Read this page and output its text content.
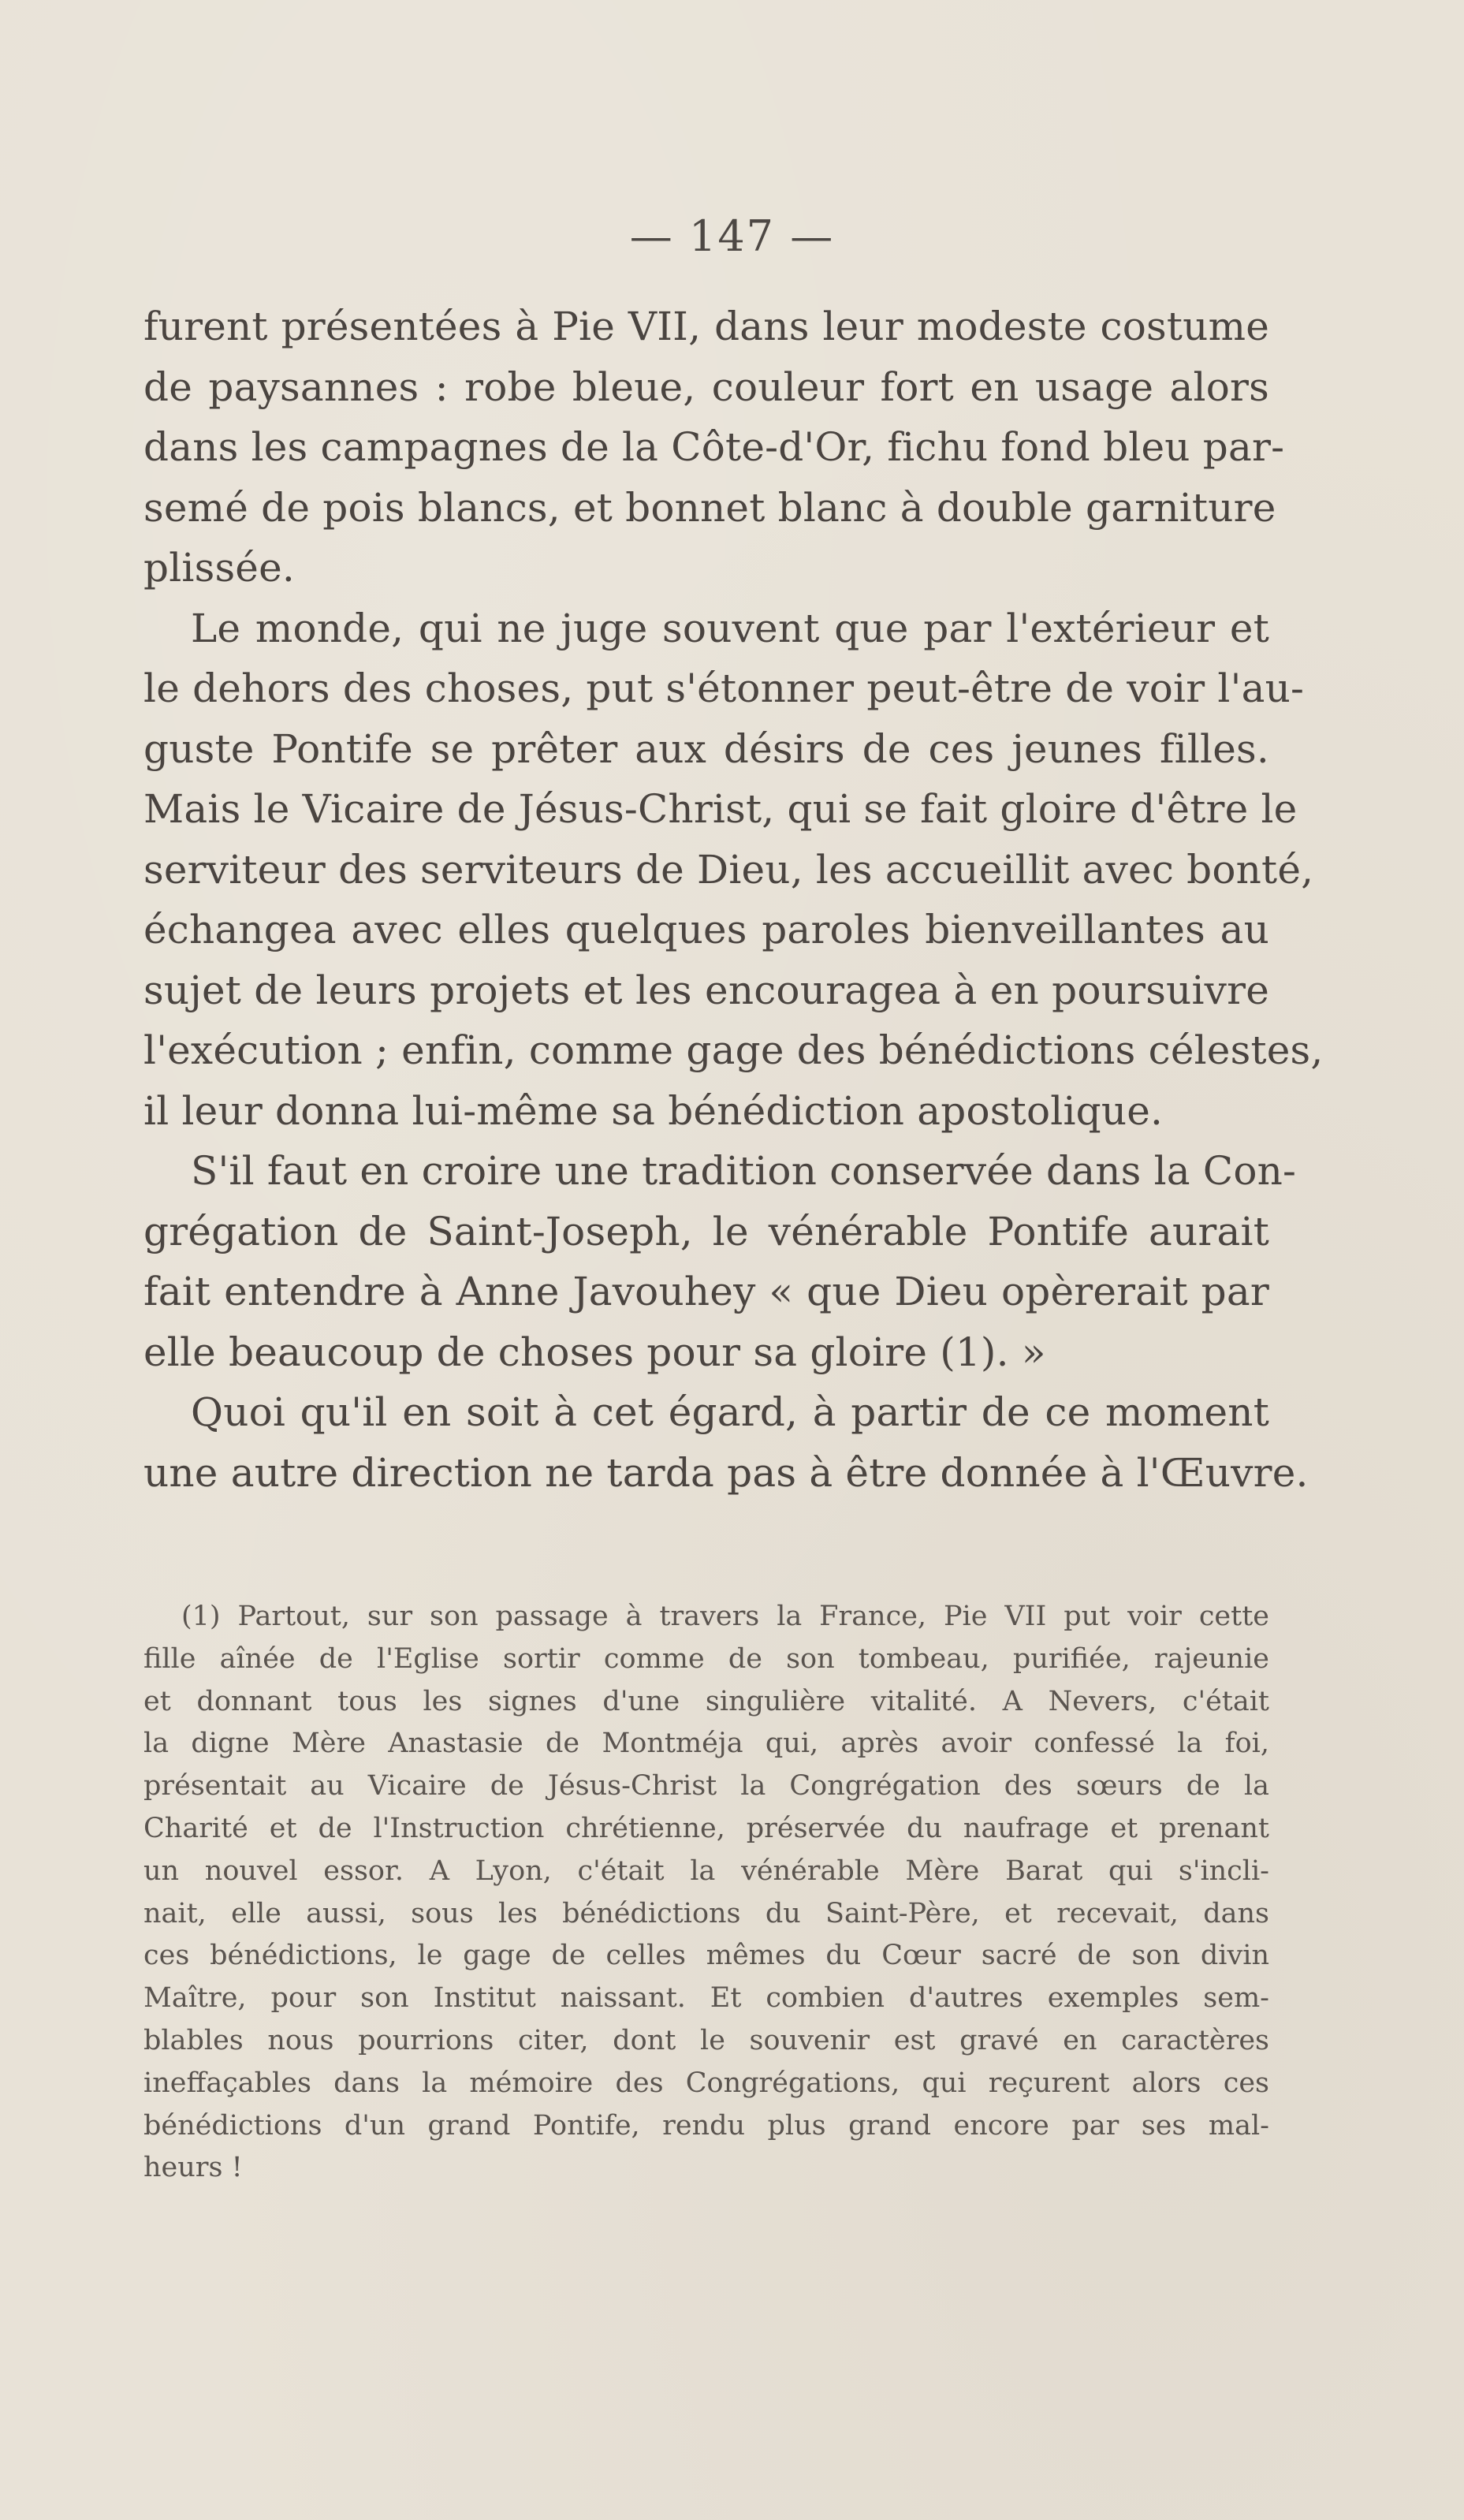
— 147 —
furent présentées à Pie VII, dans leur modeste costume
de paysannes : robe bleue, couleur fort en usage alors
dans les campagnes de la Côte-d'Or, fichu fond bleu par-
semé de pois blancs, et bonnet blanc à double garniture
plissée.
Le monde, qui ne juge souvent que par l'extérieur et
le dehors des choses, put s'étonner peut-être de voir l'au-
guste Pontife se prêter aux désirs de ces jeunes filles.
Mais le Vicaire de Jésus-Christ, qui se fait gloire d'être le
serviteur des serviteurs de Dieu, les accueillit avec bonté,
échangea avec elles quelques paroles bienveillantes au
sujet de leurs projets et les encouragea à en poursuivre
l'exécution ; enfin, comme gage des bénédictions célestes,
il leur donna lui-même sa bénédiction apostolique.
S'il faut en croire une tradition conservée dans la Con-
grégation de Saint-Joseph, le vénérable Pontife aurait
fait entendre à Anne Javouhey « que Dieu opèrerait par
elle beaucoup de choses pour sa gloire (1). »
Quoi qu'il en soit à cet égard, à partir de ce moment
une autre direction ne tarda pas à être donnée à l'Œuvre.
(1) Partout, sur son passage à travers la France, Pie VII put voir cette
fille aînée de l'Eglise sortir comme de son tombeau, purifiée, rajeunie
et donnant tous les signes d'une singulière vitalité. A Nevers, c'était
la digne Mère Anastasie de Montméja qui, après avoir confessé la foi,
présentait au Vicaire de Jésus-Christ la Congrégation des sœurs de la
Charité et de l'Instruction chrétienne, préservée du naufrage et prenant
un nouvel essor. A Lyon, c'était la vénérable Mère Barat qui s'incli-
nait, elle aussi, sous les bénédictions du Saint-Père, et recevait, dans
ces bénédictions, le gage de celles mêmes du Cœur sacré de son divin
Maître, pour son Institut naissant. Et combien d'autres exemples sem-
blables nous pourrions citer, dont le souvenir est gravé en caractères
ineffaçables dans la mémoire des Congrégations, qui reçurent alors ces
bénédictions d'un grand Pontife, rendu plus grand encore par ses mal-
heurs !
